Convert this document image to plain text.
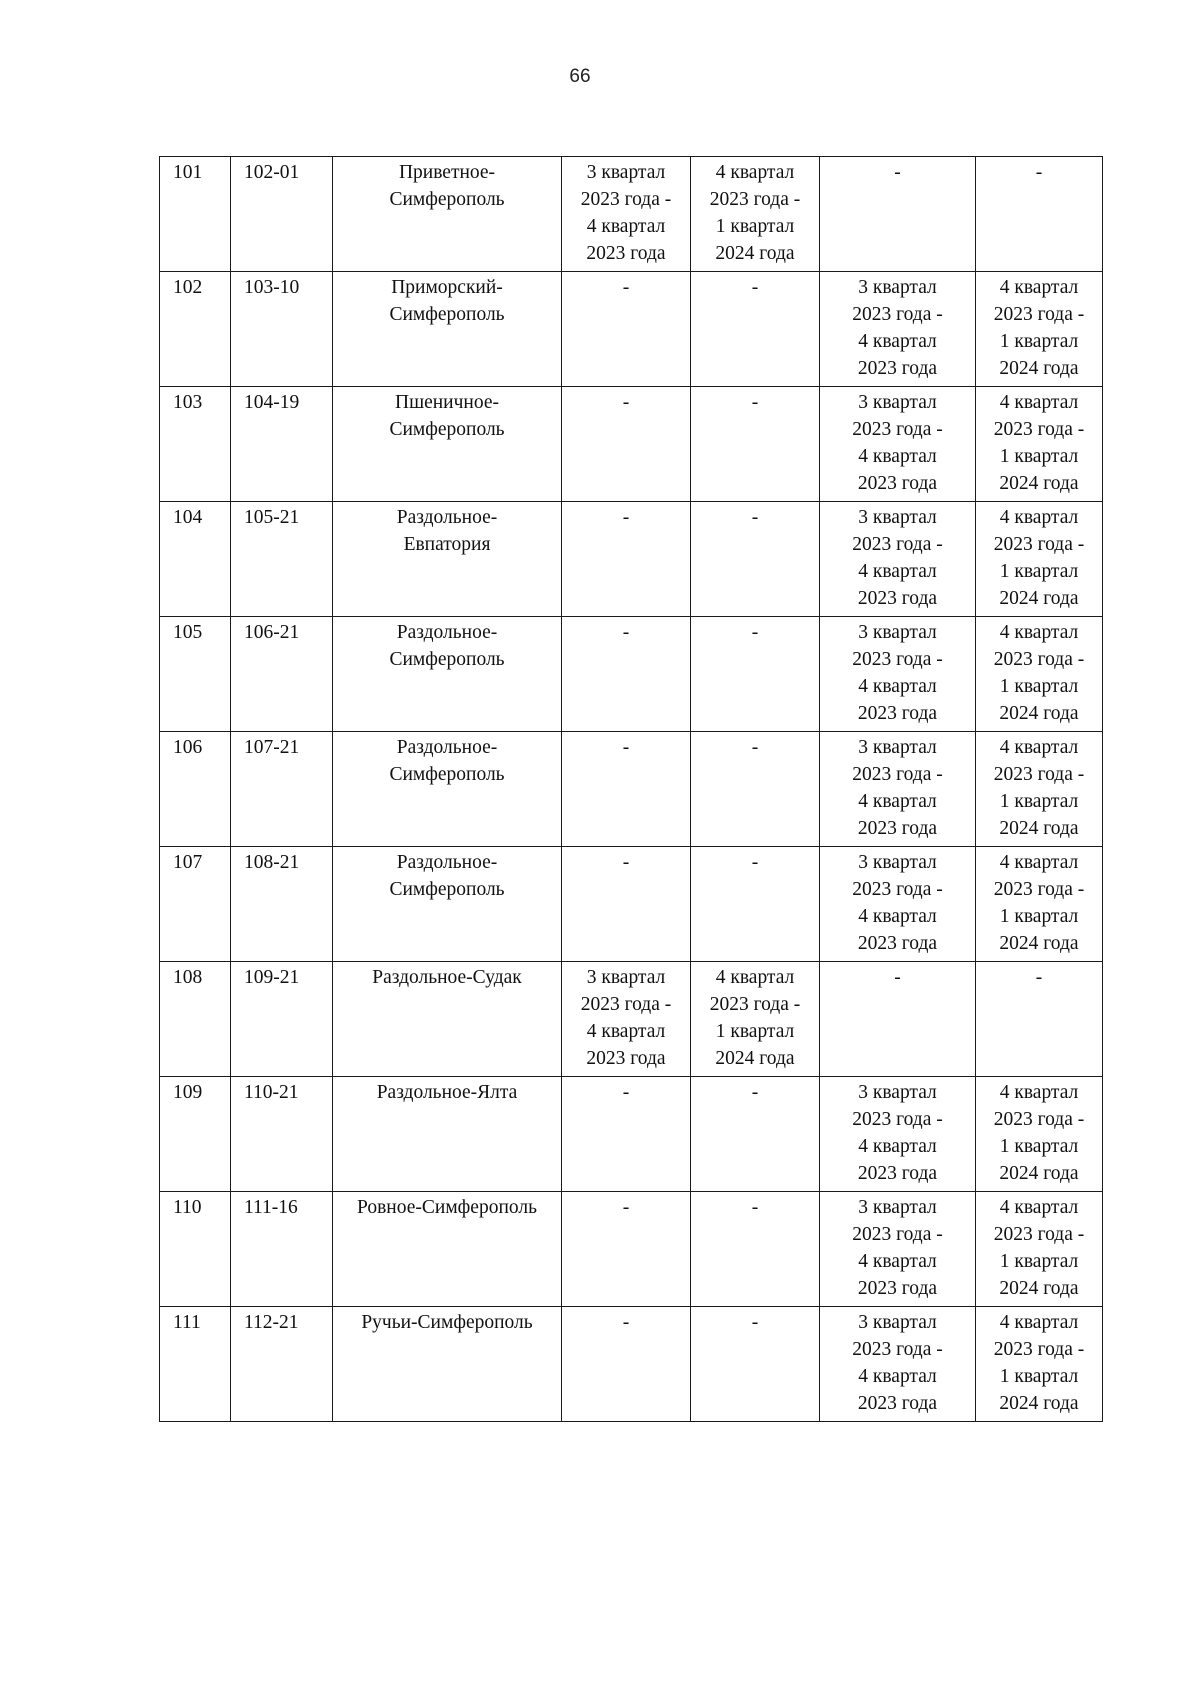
66
101	102-01	Приветное-
Симферополь	3 квартал
2023 года -
4 квартал
2023 года	4 квартал
2023 года -
1 квартал
2024 года	-	-

102	103-10	Приморский-
Симферополь	-	-	3 квартал
2023 года -
4 квартал
2023 года	4 квартал
2023 года -
1 квартал
2024 года

103	104-19	Пшеничное-
Симферополь	-	-	3 квартал
2023 года -
4 квартал
2023 года	4 квартал
2023 года -
1 квартал
2024 года

104	105-21	Раздольное-
Евпатория	-	-	3 квартал
2023 года -
4 квартал
2023 года	4 квартал
2023 года -
1 квартал
2024 года

105	106-21	Раздольное-
Симферополь	-	-	3 квартал
2023 года -
4 квартал
2023 года	4 квартал
2023 года -
1 квартал
2024 года

106	107-21	Раздольное-
Симферополь	-	-	3 квартал
2023 года -
4 квартал
2023 года	4 квартал
2023 года -
1 квартал
2024 года

107	108-21	Раздольное-
Симферополь	-	-	3 квартал
2023 года -
4 квартал
2023 года	4 квартал
2023 года -
1 квартал
2024 года

108	109-21	Раздольное-Судак	3 квартал
2023 года -
4 квартал
2023 года	4 квартал
2023 года -
1 квартал
2024 года	-	-

109	110-21	Раздольное-Ялта	-	-	3 квартал
2023 года -
4 квартал
2023 года	4 квартал
2023 года -
1 квартал
2024 года

110	111-16	Ровное-Симферополь	-	-	3 квартал
2023 года -
4 квартал
2023 года	4 квартал
2023 года -
1 квартал
2024 года

111	112-21	Ручьи-Симферополь	-	-	3 квартал
2023 года -
4 квартал
2023 года	4 квартал
2023 года -
1 квартал
2024 года
